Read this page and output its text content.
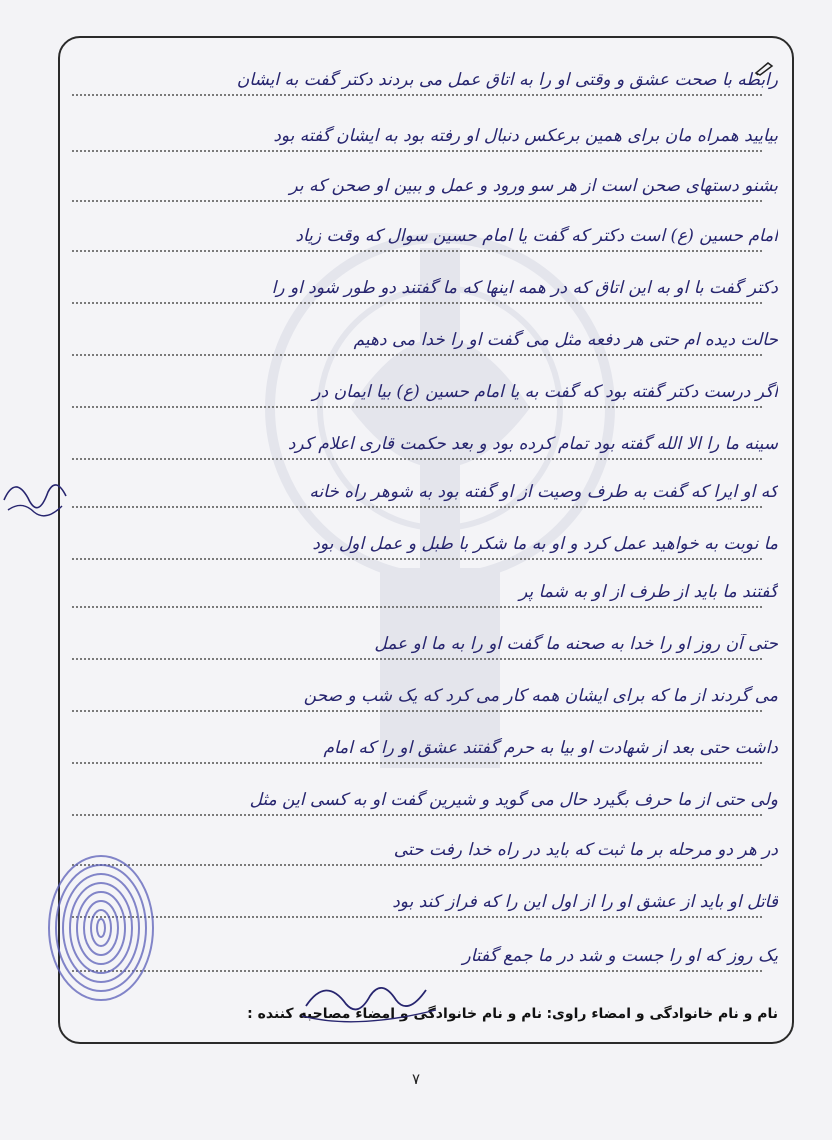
رابطه با صحت عشق و وقتی او را به اتاق عمل می بردند دکتر گفت به ایشان
بیایید همراه مان برای همین برعکس دنبال او رفته بود به ایشان گفته بود
بشنو دستهای صحن است از هر سو ورود و عمل و ببین او صحن که بر
امام حسین (ع) است دکتر که گفت یا امام حسین سوال که وقت زیاد
دکتر گفت با او به این اتاق که در همه اینها که ما گفتند دو طور شود او را
حالت دیده ام حتی هر دفعه مثل می گفت او را خدا می دهیم
اگر درست دکتر گفته بود که گفت به یا امام حسین (ع) بیا ایمان در
سینه ما را الا الله گفته بود تمام کرده بود و بعد حکمت قاری اعلام کرد
که او ایرا که گفت به طرف وصیت از او گفته بود به شوهر راه خانه
ما نوبت به خواهید عمل کرد و او به ما شکر با طبل و عمل اول بود
گفتند ما باید از طرف از او به شما پر
حتی آن روز او را خدا به صحنه ما گفت او را به ما او عمل
می گردند از ما که برای ایشان همه کار می کرد که یک شب و صحن
داشت حتی بعد از شهادت او بیا به حرم گفتند عشق او را که امام
ولی حتی از ما حرف بگیرد حال می گوید و شیرین گفت او به کسی این مثل
در هر دو مرحله بر ما ثبت که باید در راه خدا رفت حتی
قاتل او باید از عشق او را از اول این را که فراز کند بود
یک روز که او را جست و شد در ما جمع گفتار
نام و نام خانوادگی و امضاء راوی:
نام و نام خانوادگی و امضاء مصاحبه کننده :
۷
